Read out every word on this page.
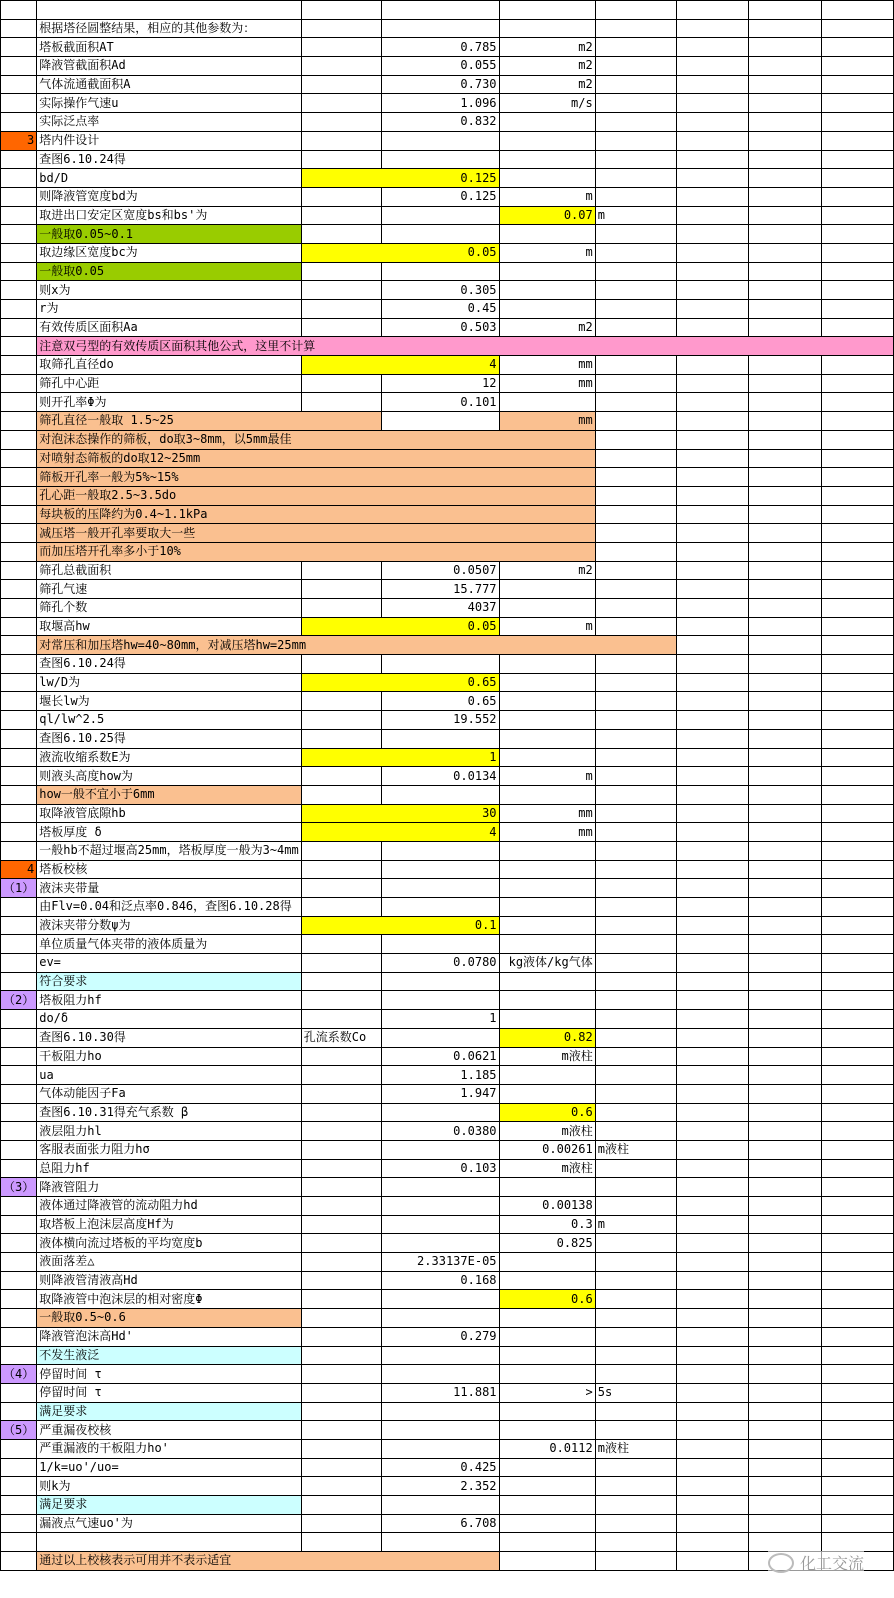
	根据塔径圆整结果，相应的其他参数为：							
	塔板截面积AT		0.785	m2				
	降液管截面积Ad		0.055	m2				
	气体流通截面积A		0.730	m2				
	实际操作气速u		1.096	m/s				
	实际泛点率		0.832					
3	塔内件设计							
	查图6.10.24得							
	bd/D	0.125						
	则降液管宽度bd为		0.125	m				
	取进出口安定区宽度bs和bs'为			0.07	m			
	一般取0.05~0.1							
	取边缘区宽度bc为	0.05		m				
	一般取0.05							
	则x为		0.305					
	r为		0.45					
	有效传质区面积Aa		0.503	m2				
	注意双弓型的有效传质区面积其他公式，这里不计算							
	取筛孔直径do	4		mm				
	筛孔中心距		12	mm				
	则开孔率Φ为		0.101					
	筛孔直径一般取 1.5~25			mm				
	对泡沫态操作的筛板，do取3~8mm，以5mm最佳							
	对喷射态筛板的do取12~25mm							
	筛板开孔率一般为5%~15%							
	孔心距一般取2.5~3.5do							
	每块板的压降约为0.4~1.1kPa							
	减压塔一般开孔率要取大一些							
	而加压塔开孔率多小于10%							
	筛孔总截面积		0.0507	m2				
	筛孔气速		15.777					
	筛孔个数		4037					
	取堰高hw	0.05		m				
	对常压和加压塔hw=40~80mm，对减压塔hw=25mm							
	查图6.10.24得							
	lw/D为	0.65						
	堰长lw为		0.65					
	ql/lw^2.5		19.552					
	查图6.10.25得							
	液流收缩系数E为	1						
	则液头高度how为		0.0134	m				
	how一般不宜小于6mm							
	取降液管底隙hb	30		mm				
	塔板厚度 δ	4		mm				
	一般hb不超过堰高25mm，塔板厚度一般为3~4mm							
4	塔板校核							
（1）	液沫夹带量							
	由Flv=0.04和泛点率0.846，查图6.10.28得							
	液沫夹带分数ψ为	0.1						
	单位质量气体夹带的液体质量为							
	ev=		0.0780	kg液体/kg气体				
	符合要求							
（2）	塔板阻力hf							
	do/δ		1					
	查图6.10.30得	孔流系数Co		0.82				
	干板阻力ho		0.0621	m液柱				
	ua		1.185					
	气体动能因子Fa		1.947					
	查图6.10.31得充气系数 β			0.6				
	液层阻力hl		0.0380	m液柱				
	客服表面张力阻力hσ			0.00261	m液柱			
	总阻力hf		0.103	m液柱				
（3）	降液管阻力							
	液体通过降液管的流动阻力hd			0.00138				
	取塔板上泡沫层高度Hf为			0.3	m			
	液体横向流过塔板的平均宽度b			0.825				
	液面落差△		2.33137E-05					
	则降液管清液高Hd		0.168					
	取降液管中泡沫层的相对密度Φ			0.6				
	一般取0.5~0.6							
	降液管泡沫高Hd'		0.279					
	不发生液泛							
（4）	停留时间 τ							
	停留时间 τ		11.881	>	5s			
	满足要求							
（5）	严重漏夜校核							
	严重漏液的干板阻力ho'			0.0112	m液柱			
	1/k=uo'/uo=		0.425					
	则k为		2.352					
	满足要求							
	漏液点气速uo'为		6.708					

	通过以上校核表示可用并不表示适宜								化工交流
